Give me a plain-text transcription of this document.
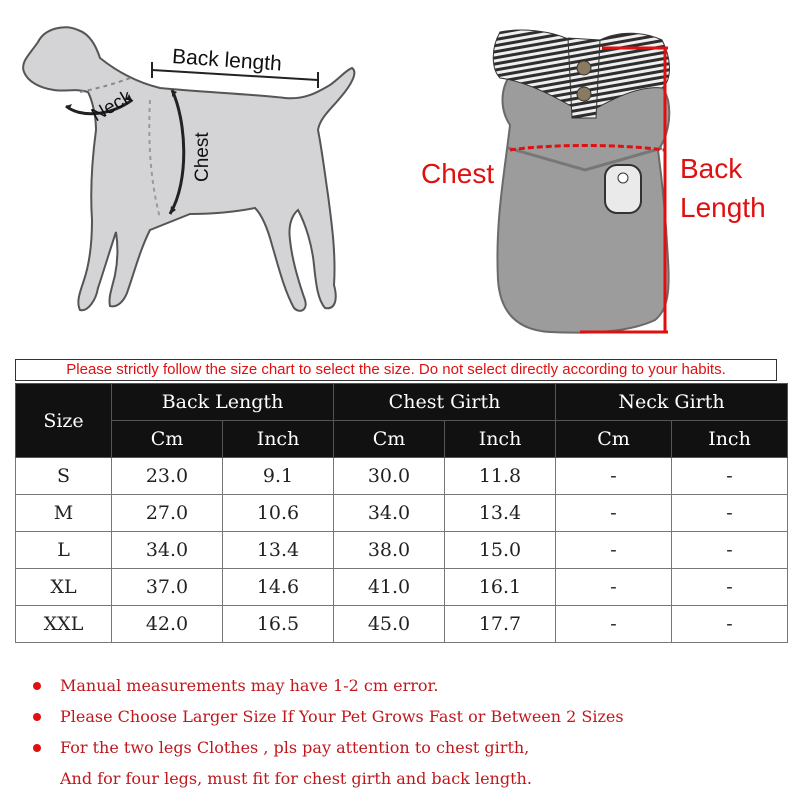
Back length
Neck
Chest	Chest	Back
Length
Please strictly follow the size chart to select the size. Do not select directly according to your habits.
Size	Back Length		Chest Girth		Neck Girth	
	Cm	Inch	Cm	Inch	Cm	Inch
S	23.0	9.1	30.0	11.8	-	-
M	27.0	10.6	34.0	13.4	-	-
L	34.0	13.4	38.0	15.0	-	-
XL	37.0	14.6	41.0	16.1	-	-
XXL	42.0	16.5	45.0	17.7	-	-
Manual measurements may have 1-2 cm error.
Please Choose Larger Size If Your Pet Grows Fast or Between 2 Sizes
For the two legs Clothes , pls pay attention to chest girth,
And for four legs, must fit for chest girth and back length.
